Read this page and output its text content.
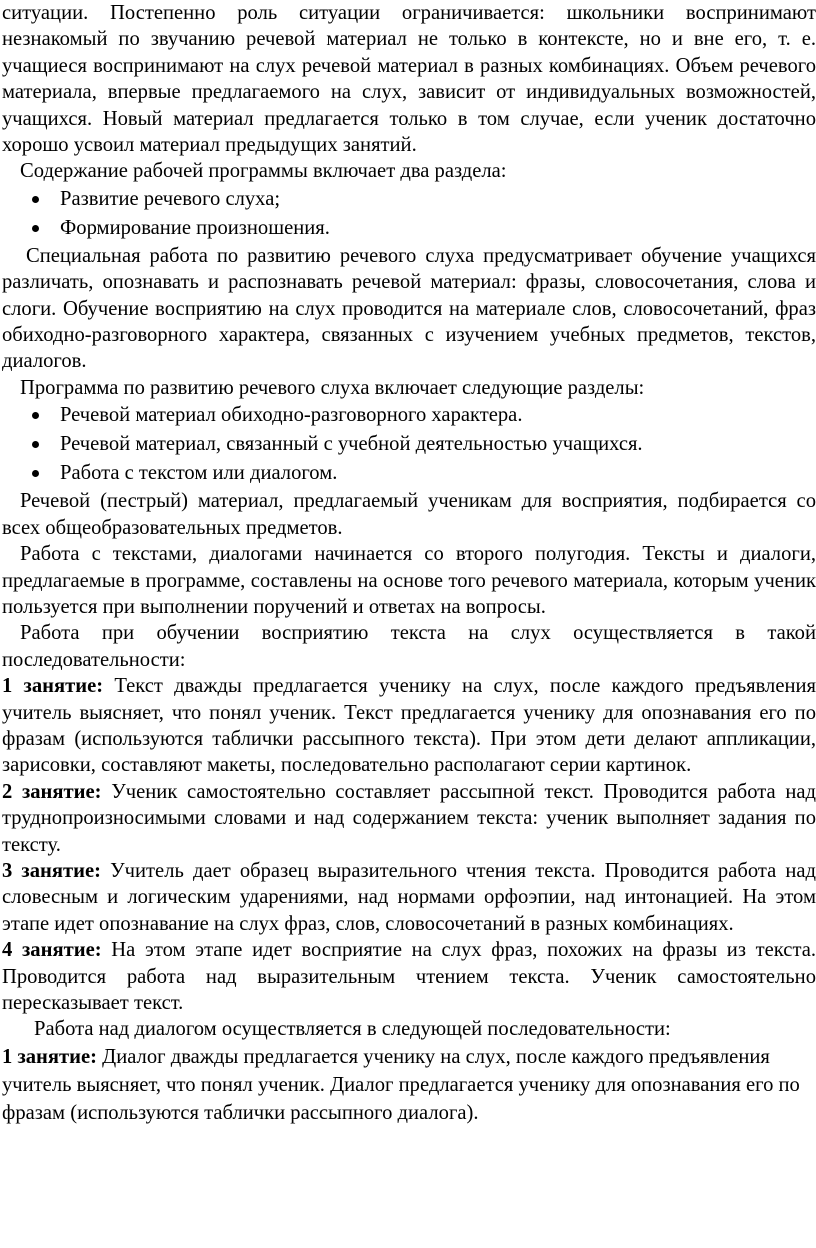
ситуации. Постепенно роль ситуации ограничивается: школьники воспринимают незнакомый по звучанию речевой материал не только в контексте, но и вне его, т. е. учащиеся воспринимают на слух речевой материал в разных комбинациях. Объем речевого материала, впервые предлагаемого на слух, зависит от индивидуальных возможностей, учащихся. Новый материал предлагается только в том случае, если ученик достаточно хорошо усвоил материал предыдущих занятий.

Содержание рабочей программы включает два раздела:

Развитие речевого слуха;
Формирование произношения.

Специальная работа по развитию речевого слуха предусматривает обучение учащихся различать, опознавать и распознавать речевой материал: фразы, словосочетания, слова и слоги. Обучение восприятию на слух проводится на материале слов, словосочетаний, фраз обиходно-разговорного характера, связанных с изучением учебных предметов, текстов, диалогов.

Программа по развитию речевого слуха включает следующие разделы:

Речевой материал обиходно-разговорного характера.
Речевой материал, связанный с учебной деятельностью учащихся.
Работа с текстом или диалогом.

Речевой (пестрый) материал, предлагаемый ученикам для восприятия, подбирается со всех общеобразовательных предметов.

Работа с текстами, диалогами начинается со второго полугодия. Тексты и диалоги, предлагаемые в программе, составлены на основе того речевого материала, которым ученик пользуется при выполнении поручений и ответах на вопросы.

Работа при обучении восприятию текста на слух осуществляется в такой последовательности:

1 занятие: Текст дважды предлагается ученику на слух, после каждого предъявления учитель выясняет, что понял ученик. Текст предлагается ученику для опознавания его по фразам (используются таблички рассыпного текста). При этом дети делают аппликации, зарисовки, составляют макеты, последовательно располагают серии картинок.

2 занятие: Ученик самостоятельно составляет рассыпной текст. Проводится работа над труднопроизносимыми словами и над содержанием текста: ученик выполняет задания по тексту.

3 занятие: Учитель дает образец выразительного чтения текста. Проводится работа над словесным и логическим ударениями, над нормами орфоэпии, над интонацией. На этом этапе идет опознавание на слух фраз, слов, словосочетаний в разных комбинациях.

4 занятие: На этом этапе идет восприятие на слух фраз, похожих на фразы из текста. Проводится работа над выразительным чтением текста. Ученик самостоятельно пересказывает текст.

Работа над диалогом осуществляется в следующей последовательности:

1 занятие: Диалог дважды предлагается ученику на слух, после каждого предъявления учитель выясняет, что понял ученик. Диалог предлагается ученику для опознавания его по фразам (используются таблички рассыпного диалога).
